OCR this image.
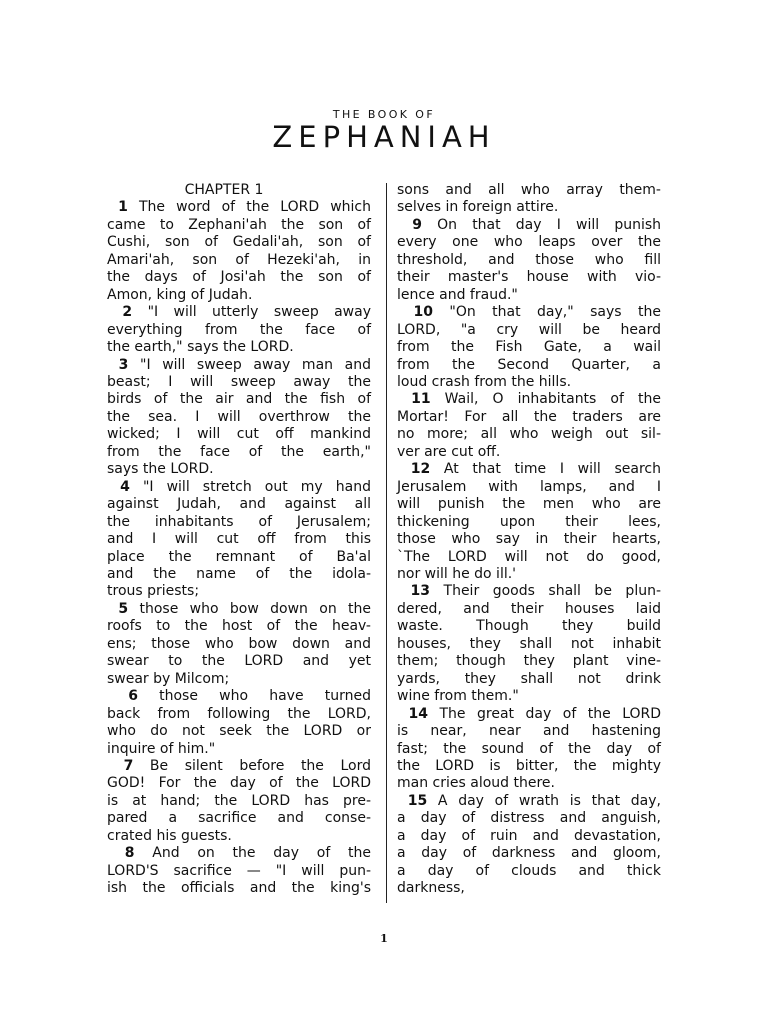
THE BOOK OF
ZEPHANIAH
CHAPTER 1
1 The word of the LORD which
came to Zephani'ah the son of
Cushi, son of Gedali'ah, son of
Amari'ah, son of Hezeki'ah, in
the days of Josi'ah the son of
Amon, king of Judah.
2 "I will utterly sweep away
everything from the face of
the earth," says the LORD.
3 "I will sweep away man and
beast; I will sweep away the
birds of the air and the fish of
the sea. I will overthrow the
wicked; I will cut off mankind
from the face of the earth,"
says the LORD.
4 "I will stretch out my hand
against Judah, and against all
the inhabitants of Jerusalem;
and I will cut off from this
place the remnant of Ba'al
and the name of the idola-
trous priests;
5 those who bow down on the
roofs to the host of the heav-
ens; those who bow down and
swear to the LORD and yet
swear by Milcom;
6 those who have turned
back from following the LORD,
who do not seek the LORD or
inquire of him."
7 Be silent before the Lord
GOD! For the day of the LORD
is at hand; the LORD has pre-
pared a sacrifice and conse-
crated his guests.
8 And on the day of the
LORD'S sacrifice — "I will pun-
ish the officials and the king's
sons and all who array them-
selves in foreign attire.
9 On that day I will punish
every one who leaps over the
threshold, and those who fill
their master's house with vio-
lence and fraud."
10 "On that day," says the
LORD, "a cry will be heard
from the Fish Gate, a wail
from the Second Quarter, a
loud crash from the hills.
11 Wail, O inhabitants of the
Mortar! For all the traders are
no more; all who weigh out sil-
ver are cut off.
12 At that time I will search
Jerusalem with lamps, and I
will punish the men who are
thickening upon their lees,
those who say in their hearts,
`The LORD will not do good,
nor will he do ill.'
13 Their goods shall be plun-
dered, and their houses laid
waste. Though they build
houses, they shall not inhabit
them; though they plant vine-
yards, they shall not drink
wine from them."
14 The great day of the LORD
is near, near and hastening
fast; the sound of the day of
the LORD is bitter, the mighty
man cries aloud there.
15 A day of wrath is that day,
a day of distress and anguish,
a day of ruin and devastation,
a day of darkness and gloom,
a day of clouds and thick
darkness,
1
